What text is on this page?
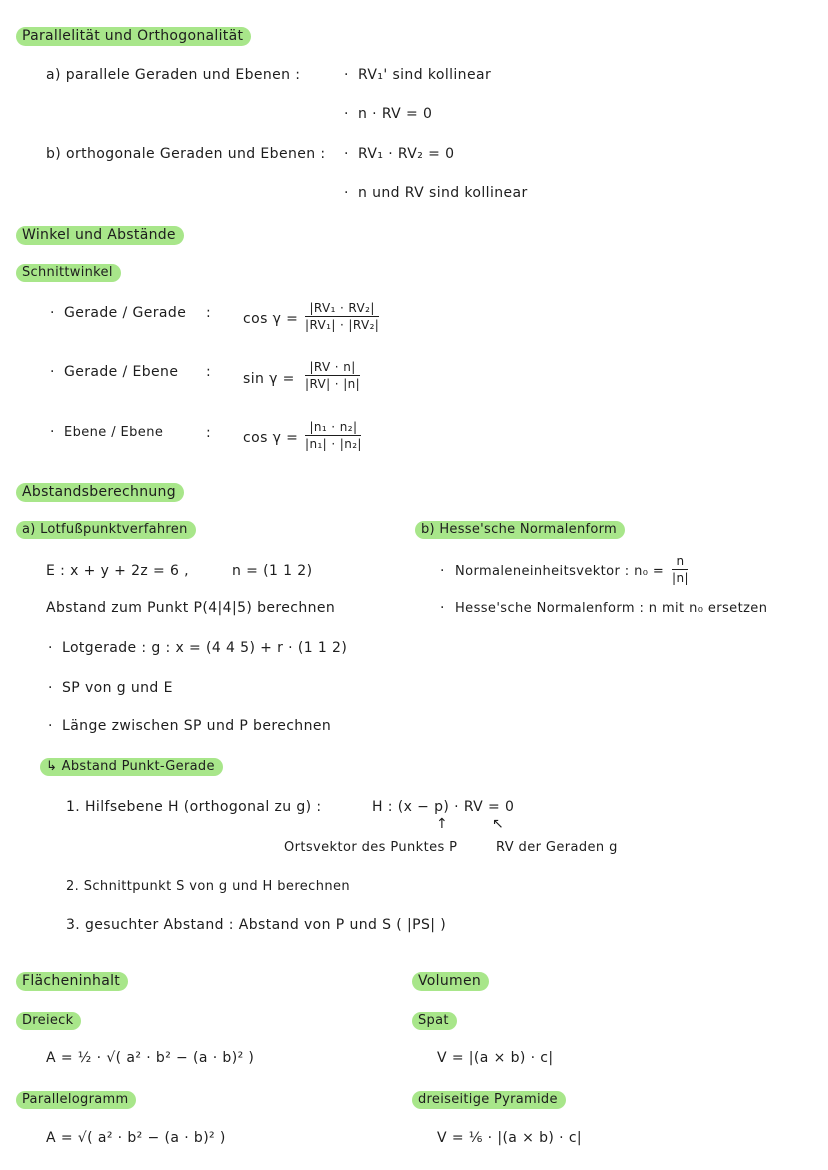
Parallelität und Orthogonalität
a) parallele Geraden und Ebenen :	· RV₁' sind kollinear
· n · RV = 0
b) orthogonale Geraden und Ebenen : · RV₁ · RV₂ = 0
· n und RV sind kollinear
Winkel und Abstände
Schnittwinkel
· Gerade / Gerade : $\cos \gamma = \frac{\text{|RV₁ · RV₂|}}{\text{|RV₁| · |RV₂|}}$
· Gerade / Ebene : $\sin \gamma = \frac{|RV \cdot n|}{|RV| \cdot |n|}$
· Ebene / Ebene	: $\cos \gamma = \frac{\text{|n₁ · n₂|}}{\text{|n₁| · |n₂|}}$
Abstandsberechnung
a) Lotfußpunktverfahren
E : x + y + 2z = 6 ,	n = (1 1 2)
Abstand zum Punkt P(4|4|5) berechnen
· Lotgerade : g : x = (4 4 5) + r · (1 1 2)
· SP von g und E
· Länge zwischen SP und P berechnen
↳ Abstand Punkt-Gerade
1. Hilfsebene H (orthogonal zu g) :	H : (x − p) · RV = 0
↑	↖
Ortsvektor des Punktes P	RV der Geraden g
2. Schnittpunkt S von g und H berechnen
3. gesuchter Abstand : Abstand von P und S ( |PS| )
b) Hesse'sche Normalenform
· Normaleneinheitsvektor : $n_0 = \frac{n}{|n|}$
· Hesse'sche Normalenform : n mit n₀ ersetzen
Flächeninhalt
Dreieck
A = ½ · √( a² · b² − (a · b)² )
Parallelogramm
A = √( a² · b² − (a · b)² )
Volumen
Spat
V = |(a × b) · c|
dreiseitige Pyramide
V = ⅙ · |(a × b) · c|
